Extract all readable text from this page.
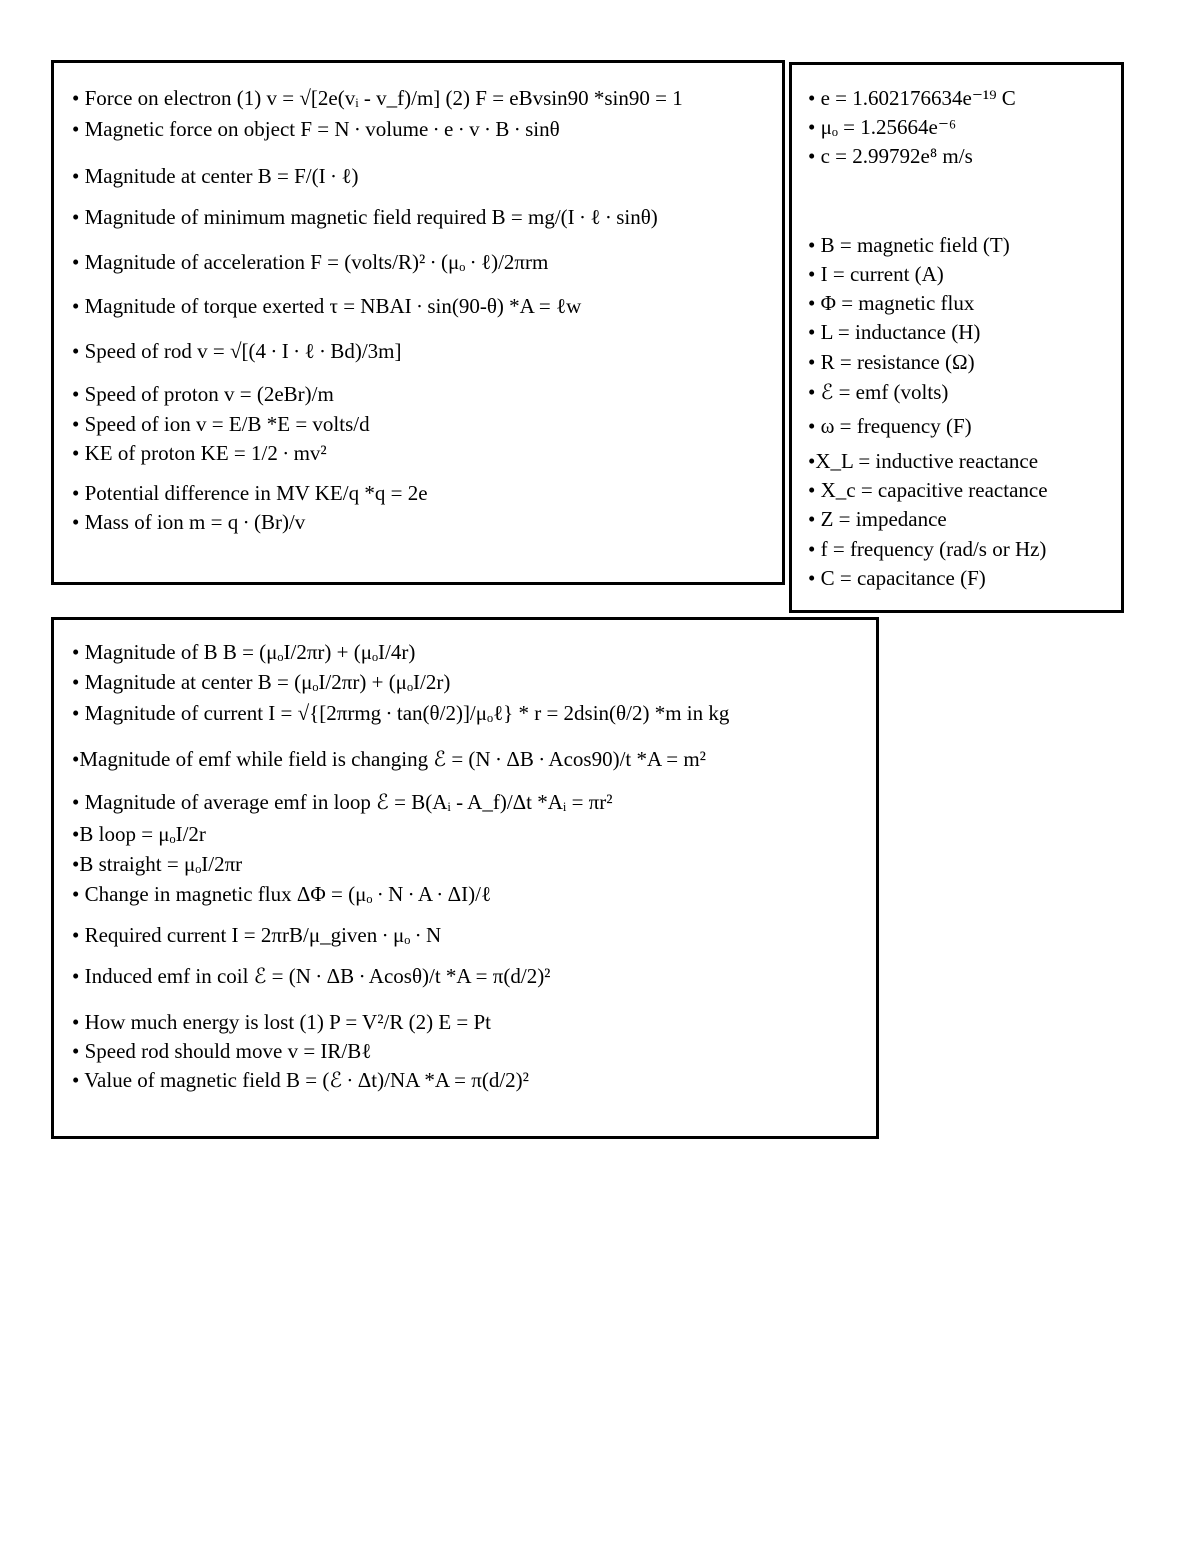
• Force on electron (1) v = √[2e(vᵢ - v_f)/m] (2) F = eBvsin90 *sin90 = 1
• Magnetic force on object F = N ∙ volume ∙ e ∙ v ∙ B ∙ sinθ
• Magnitude at center B = F/(I ∙ ℓ)
• Magnitude of minimum magnetic field required B = mg/(I ∙ ℓ ∙ sinθ)
• Magnitude of acceleration F = (volts/R)² ∙ (μₒ ∙ ℓ)/2πrm
• Magnitude of torque exerted τ = NBAI ∙ sin(90-θ) *A = ℓw
• Speed of rod v = √[(4 ∙ I ∙ ℓ ∙ Bd)/3m]
• Speed of proton v = (2eBr)/m
• Speed of ion v = E/B *E = volts/d
• KE of proton KE = 1/2 ∙ mv²
• Potential difference in MV KE/q *q = 2e
• Mass of ion m = q ∙ (Br)/v
• e = 1.602176634e⁻¹⁹ C
• μₒ = 1.25664e⁻⁶
• c = 2.99792e⁸ m/s
• B = magnetic field (T)
• I = current (A)
• Φ = magnetic flux
• L = inductance (H)
• R = resistance (Ω)
• ℰ = emf (volts)
• ω = frequency (F)
•X_L = inductive reactance
• X_c = capacitive reactance
• Z = impedance
• f = frequency (rad/s or Hz)
• C = capacitance (F)
• Magnitude of B B = (μₒI/2πr) + (μₒI/4r)
• Magnitude at center B = (μₒI/2πr) + (μₒI/2r)
• Magnitude of current I = √{[2πrmg ∙ tan(θ/2)]/μₒℓ} * r = 2dsin(θ/2) *m in kg
•Magnitude of emf while field is changing ℰ = (N ∙ ΔB ∙ Acos90)/t *A = m²
• Magnitude of average emf in loop ℰ = B(Aᵢ - A_f)/Δt *Aᵢ = πr²
•B loop = μₒI/2r
•B straight = μₒI/2πr
• Change in magnetic flux ΔΦ = (μₒ ∙ N ∙ A ∙ ΔI)/ℓ
• Required current I = 2πrB/μ_given ∙ μₒ ∙ N
• Induced emf in coil ℰ = (N ∙ ΔB ∙ Acosθ)/t *A = π(d/2)²
• How much energy is lost (1) P = V²/R (2) E = Pt
• Speed rod should move v = IR/Bℓ
• Value of magnetic field B = (ℰ ∙ Δt)/NA *A = π(d/2)²
